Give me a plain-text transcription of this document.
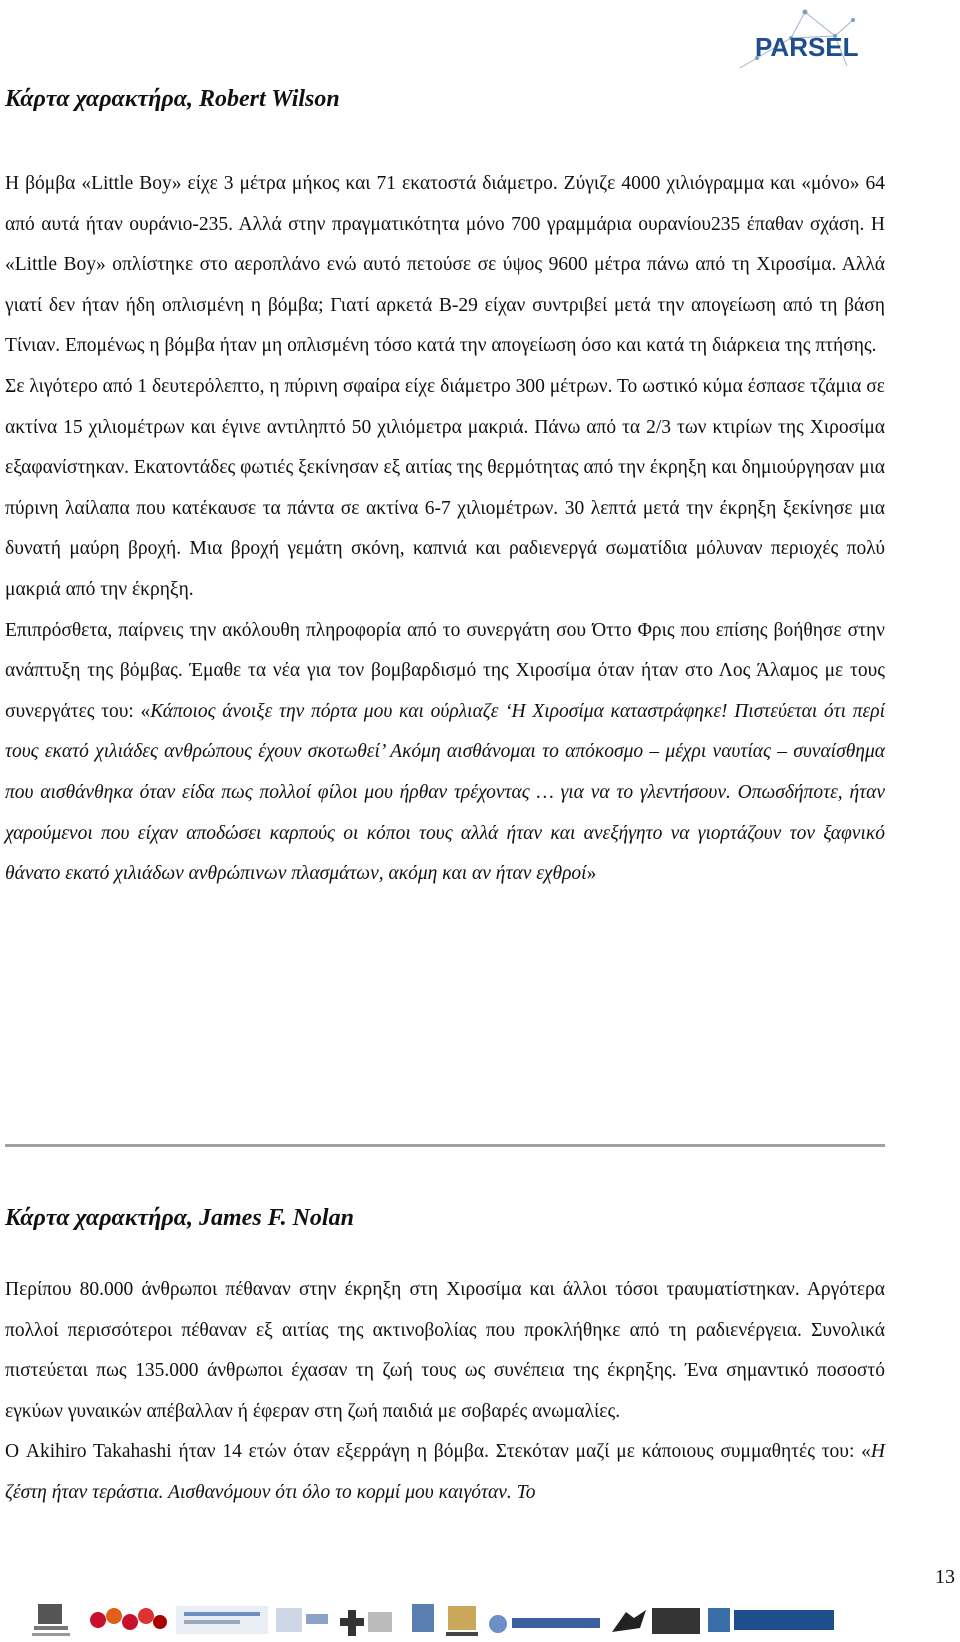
PARSEL
Κάρτα χαρακτήρα, Robert Wilson

Η βόμβα «Little Boy» είχε 3 μέτρα μήκος και 71 εκατοστά διάμετρο. Ζύγιζε 4000 χιλιόγραμμα και «μόνο» 64 από αυτά ήταν ουράνιο-235. Αλλά στην πραγματικότητα μόνο 700 γραμμάρια ουρανίου235 έπαθαν σχάση. Η «Little Boy» οπλίστηκε στο αεροπλάνο ενώ αυτό πετούσε σε ύψος 9600 μέτρα πάνω από τη Χιροσίμα. Αλλά γιατί δεν ήταν ήδη οπλισμένη η βόμβα; Γιατί αρκετά B-29 είχαν συντριβεί μετά την απογείωση από τη βάση Τίνιαν. Επομένως η βόμβα ήταν μη οπλισμένη τόσο κατά την απογείωση όσο και κατά τη διάρκεια της πτήσης.

Σε λιγότερο από 1 δευτερόλεπτο, η πύρινη σφαίρα είχε διάμετρο 300 μέτρων. Το ωστικό κύμα έσπασε τζάμια σε ακτίνα 15 χιλιομέτρων και έγινε αντιληπτό 50 χιλιόμετρα μακριά. Πάνω από τα 2/3 των κτιρίων της Χιροσίμα εξαφανίστηκαν. Εκατοντάδες φωτιές ξεκίνησαν εξ αιτίας της θερμότητας από την έκρηξη και δημιούργησαν μια πύρινη λαίλαπα που κατέκαυσε τα πάντα σε ακτίνα 6-7 χιλιομέτρων. 30 λεπτά μετά την έκρηξη ξεκίνησε μια δυνατή μαύρη βροχή. Μια βροχή γεμάτη σκόνη, καπνιά και ραδιενεργά σωματίδια μόλυναν περιοχές πολύ μακριά από την έκρηξη.

Επιπρόσθετα, παίρνεις την ακόλουθη πληροφορία από το συνεργάτη σου Όττο Φρις που επίσης βοήθησε στην ανάπτυξη της βόμβας. Έμαθε τα νέα για τον βομβαρδισμό της Χιροσίμα όταν ήταν στο Λος Άλαμος με τους συνεργάτες του: «Κάποιος άνοιξε την πόρτα μου και ούρλιαζε ‘Η Χιροσίμα καταστράφηκε! Πιστεύεται ότι περί τους εκατό χιλιάδες ανθρώπους έχουν σκοτωθεί’ Ακόμη αισθάνομαι το απόκοσμο – μέχρι ναυτίας – συναίσθημα που αισθάνθηκα όταν είδα πως πολλοί φίλοι μου ήρθαν τρέχοντας … για να το γλεντήσουν. Οπωσδήποτε, ήταν χαρούμενοι που είχαν αποδώσει καρπούς οι κόποι τους αλλά ήταν και ανεξήγητο να γιορτάζουν τον ξαφνικό θάνατο εκατό χιλιάδων ανθρώπινων πλασμάτων, ακόμη και αν ήταν εχθροί»

Κάρτα χαρακτήρα, James F. Nolan

Περίπου 80.000 άνθρωποι πέθαναν στην έκρηξη στη Χιροσίμα και άλλοι τόσοι τραυματίστηκαν. Αργότερα πολλοί περισσότεροι πέθαναν εξ αιτίας της ακτινοβολίας που προκλήθηκε από τη ραδιενέργεια. Συνολικά πιστεύεται πως 135.000 άνθρωποι έχασαν τη ζωή τους ως συνέπεια της έκρηξης. Ένα σημαντικό ποσοστό εγκύων γυναικών απέβαλλαν ή έφεραν στη ζωή παιδιά με σοβαρές ανωμαλίες.

Ο Akihiro Takahashi ήταν 14 ετών όταν εξερράγη η βόμβα. Στεκόταν μαζί με κάποιους συμμαθητές του: «Η ζέστη ήταν τεράστια. Αισθανόμουν ότι όλο το κορμί μου καιγόταν. Το

13
